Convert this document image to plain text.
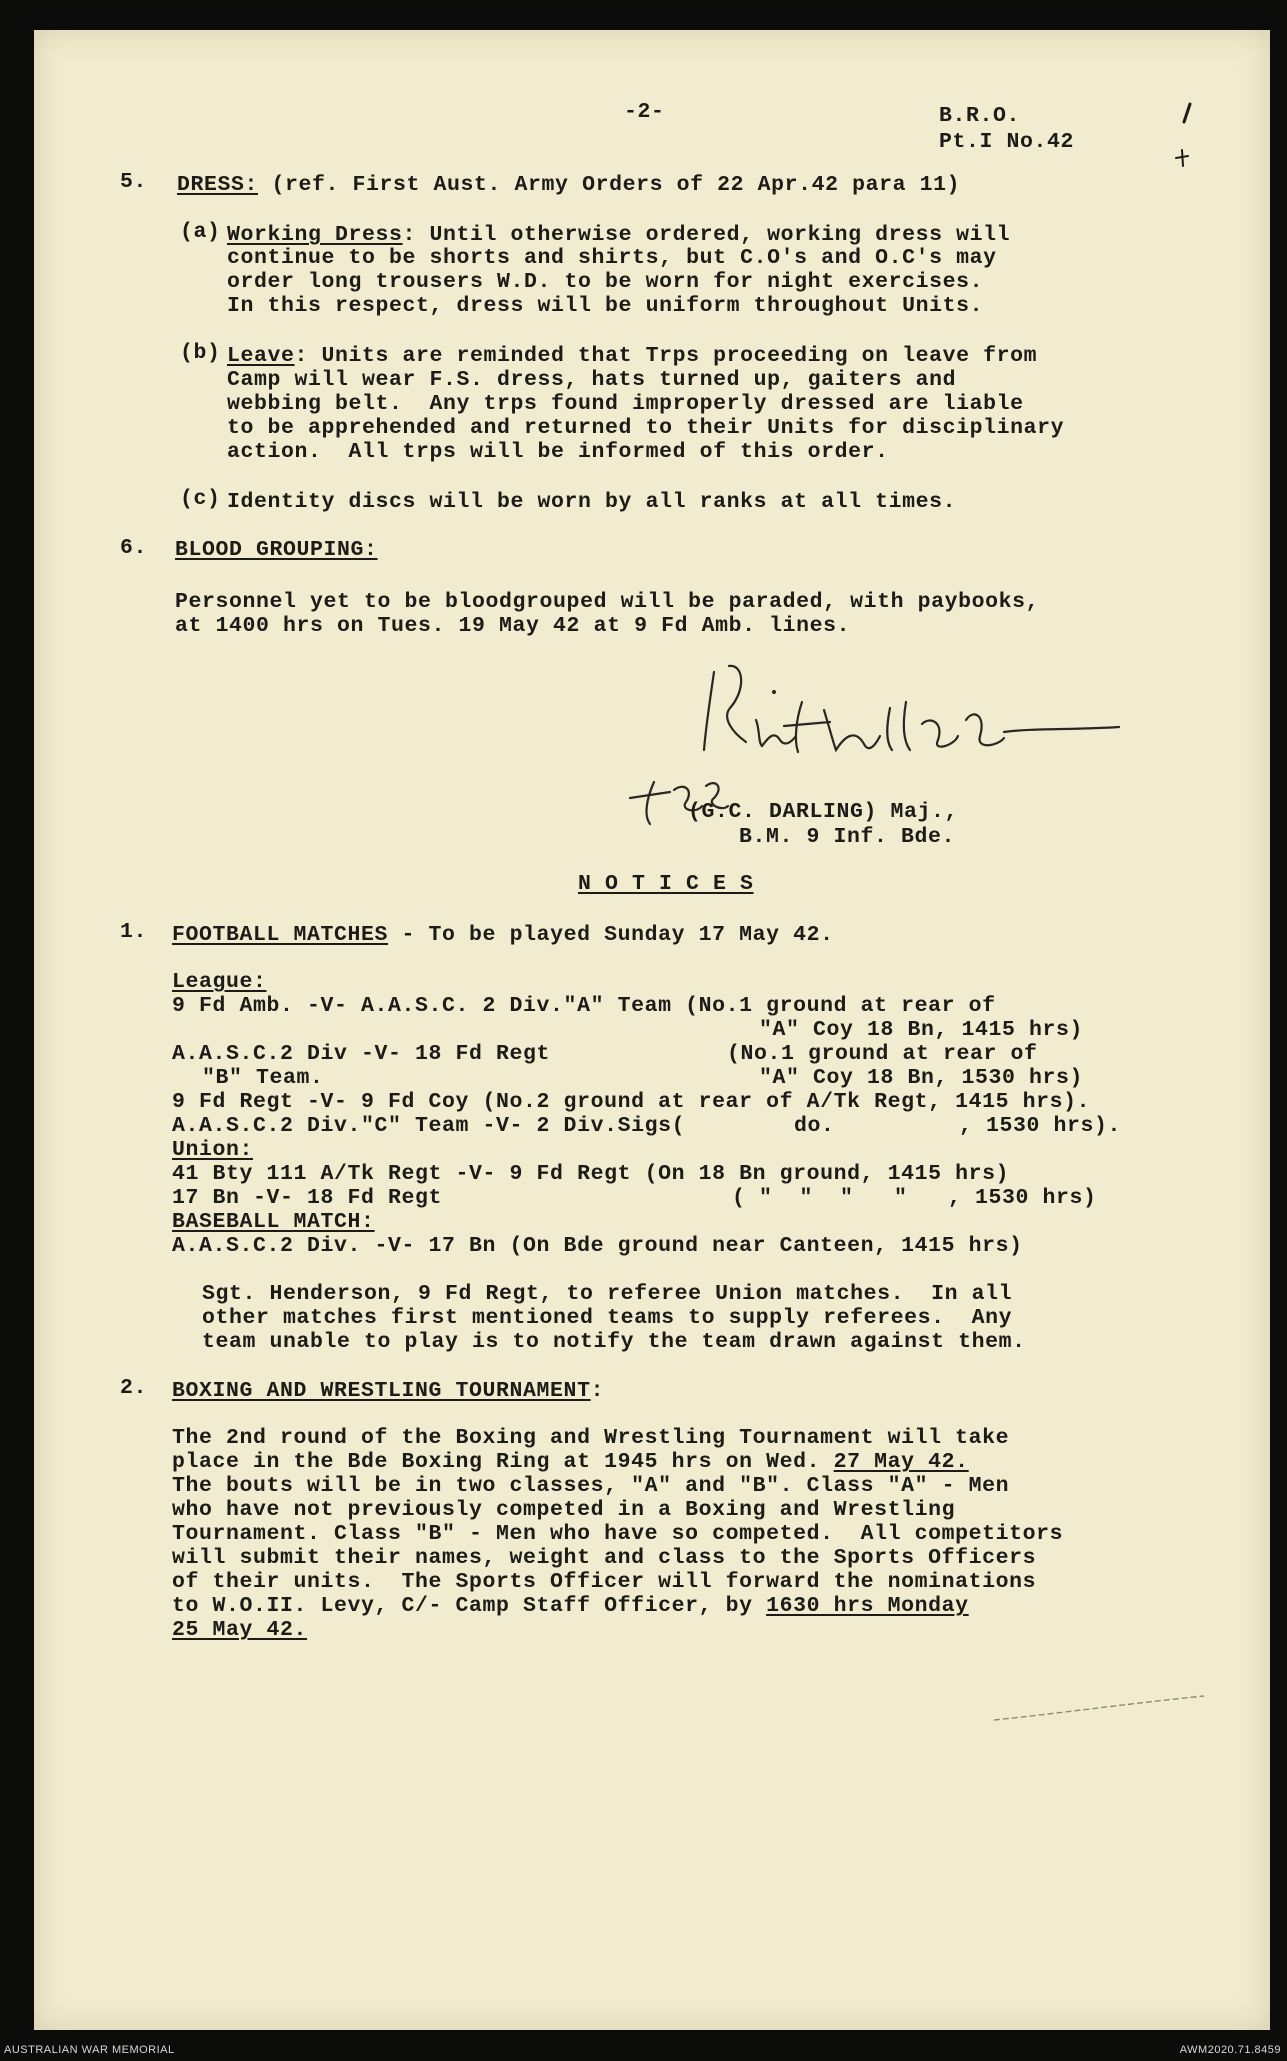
-2-	B.R.O.
Pt.I No.42
5. DRESS: (ref. First Aust. Army Orders of 22 Apr.42 para 11)
(a) Working Dress: Until otherwise ordered, working dress will
continue to be shorts and shirts, but C.O's and O.C's may
order long trousers W.D. to be worn for night exercises.
In this respect, dress will be uniform throughout Units.
(b) Leave: Units are reminded that Trps proceeding on leave from
Camp will wear F.S. dress, hats turned up, gaiters and
webbing belt.  Any trps found improperly dressed are liable
to be apprehended and returned to their Units for disciplinary
action.  All trps will be informed of this order.
(c) Identity discs will be worn by all ranks at all times.
6. BLOOD GROUPING:
Personnel yet to be bloodgrouped will be paraded, with paybooks,
at 1400 hrs on Tues. 19 May 42 at 9 Fd Amb. lines.
(G.C. DARLING) Maj.,
B.M. 9 Inf. Bde.
N O T I C E S
1. FOOTBALL MATCHES - To be played Sunday 17 May 42.
League:
9 Fd Amb. -V- A.A.S.C. 2 Div."A" Team (No.1 ground at rear of
"A" Coy 18 Bn, 1415 hrs)
A.A.S.C.2 Div -V- 18 Fd Regt	(No.1 ground at rear of
"B" Team.	"A" Coy 18 Bn, 1530 hrs)
9 Fd Regt -V- 9 Fd Coy (No.2 ground at rear of A/Tk Regt, 1415 hrs).
A.A.S.C.2 Div."C" Team -V- 2 Div.Sigs(	do.	, 1530 hrs).
Union:
41 Bty 111 A/Tk Regt -V- 9 Fd Regt (On 18 Bn ground, 1415 hrs)
17 Bn -V- 18 Fd Regt	( "  "  "   "   , 1530 hrs)
BASEBALL MATCH:
A.A.S.C.2 Div. -V- 17 Bn (On Bde ground near Canteen, 1415 hrs)
Sgt. Henderson, 9 Fd Regt, to referee Union matches.  In all
other matches first mentioned teams to supply referees.  Any
team unable to play is to notify the team drawn against them.
2. BOXING AND WRESTLING TOURNAMENT:
The 2nd round of the Boxing and Wrestling Tournament will take
place in the Bde Boxing Ring at 1945 hrs on Wed. 27 May 42.
The bouts will be in two classes, "A" and "B". Class "A" - Men
who have not previously competed in a Boxing and Wrestling
Tournament. Class "B" - Men who have so competed.  All competitors
will submit their names, weight and class to the Sports Officers
of their units.  The Sports Officer will forward the nominations
to W.O.II. Levy, C/- Camp Staff Officer, by 1630 hrs Monday
25 May 42.
AUSTRALIAN WAR MEMORIAL	AWM2020.71.8459
